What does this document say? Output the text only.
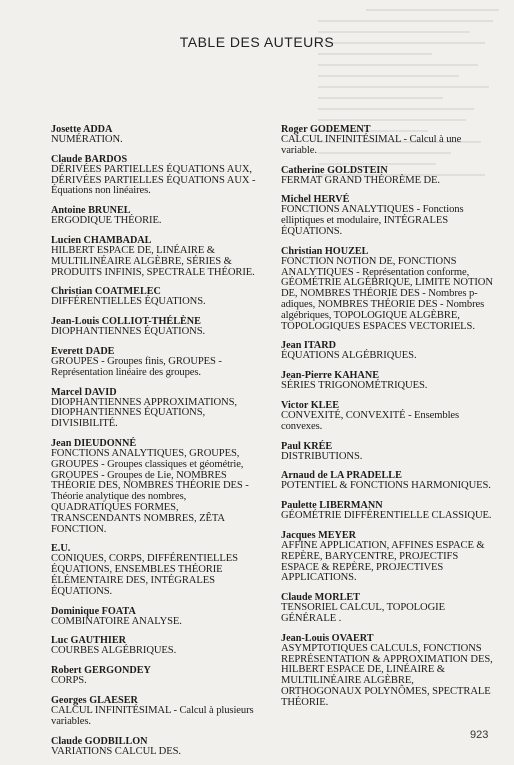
TABLE DES AUTEURS
Josette ADDA
NUMÉRATION.
Claude BARDOS
DÉRIVÉES PARTIELLES ÉQUATIONS AUX, DÉRIVÉES PARTIELLES ÉQUATIONS AUX - Équations non linéaires.
Antoine BRUNEL
ERGODIQUE THÉORIE.
Lucien CHAMBADAL
HILBERT ESPACE DE, LINÉAIRE & MULTILINÉAIRE ALGÈBRE, SÉRIES & PRODUITS INFINIS, SPECTRALE THÉORIE.
Christian COATMELEC
DIFFÉRENTIELLES ÉQUATIONS.
Jean-Louis COLLIOT-THÉLÈNE
DIOPHANTIENNES ÉQUATIONS.
Everett DADE
GROUPES - Groupes finis, GROUPES - Représentation linéaire des groupes.
Marcel DAVID
DIOPHANTIENNES APPROXIMATIONS, DIOPHANTIENNES ÉQUATIONS, DIVISIBILITÉ.
Jean DIEUDONNÉ
FONCTIONS ANALYTIQUES, GROUPES, GROUPES - Groupes classiques et géométrie, GROUPES - Groupes de Lie, NOMBRES THÉORIE DES, NOMBRES THÉORIE DES - Théorie analytique des nombres, QUADRATIQUES FORMES, TRANSCENDANTS NOMBRES, ZÊTA FONCTION.
E.U.
CONIQUES, CORPS, DIFFÉRENTIELLES ÉQUATIONS, ENSEMBLES THÉORIE ÉLÉMENTAIRE DES, INTÉGRALES ÉQUATIONS.
Dominique FOATA
COMBINATOIRE ANALYSE.
Luc GAUTHIER
COURBES ALGÉBRIQUES.
Robert GERGONDEY
CORPS.
Georges GLAESER
CALCUL INFINITÉSIMAL - Calcul à plusieurs variables.
Claude GODBILLON
VARIATIONS CALCUL DES.
Roger GODEMENT
CALCUL INFINITÉSIMAL - Calcul à une variable.
Catherine GOLDSTEIN
FERMAT GRAND THÉORÈME DE.
Michel HERVÉ
FONCTIONS ANALYTIQUES - Fonctions elliptiques et modulaire, INTÉGRALES ÉQUATIONS.
Christian HOUZEL
FONCTION NOTION DE, FONCTIONS ANALYTIQUES - Représentation conforme, GÉOMÉTRIE ALGÉBRIQUE, LIMITE NOTION DE, NOMBRES THÉORIE DES - Nombres p-adiques, NOMBRES THÉORIE DES - Nombres algébriques, TOPOLOGIQUE ALGÈBRE, TOPOLOGIQUES ESPACES VECTORIELS.
Jean ITARD
ÉQUATIONS ALGÉBRIQUES.
Jean-Pierre KAHANE
SÉRIES TRIGONOMÉTRIQUES.
Victor KLEE
CONVEXITÉ, CONVEXITÉ - Ensembles convexes.
Paul KRÉE
DISTRIBUTIONS.
Arnaud de LA PRADELLE
POTENTIEL & FONCTIONS HARMONIQUES.
Paulette LIBERMANN
GÉOMÉTRIE DIFFÉRENTIELLE CLASSIQUE.
Jacques MEYER
AFFINE APPLICATION, AFFINES ESPACE & REPÈRE, BARYCENTRE, PROJECTIFS ESPACE & REPÈRE, PROJECTIVES APPLICATIONS.
Claude MORLET
TENSORIEL CALCUL, TOPOLOGIE GÉNÉRALE .
Jean-Louis OVAERT
ASYMPTOTIQUES CALCULS, FONCTIONS REPRÉSENTATION & APPROXIMATION DES, HILBERT ESPACE DE, LINÉAIRE & MULTILINÉAIRE ALGÈBRE, ORTHOGONAUX POLYNÔMES, SPECTRALE THÉORIE.
923
